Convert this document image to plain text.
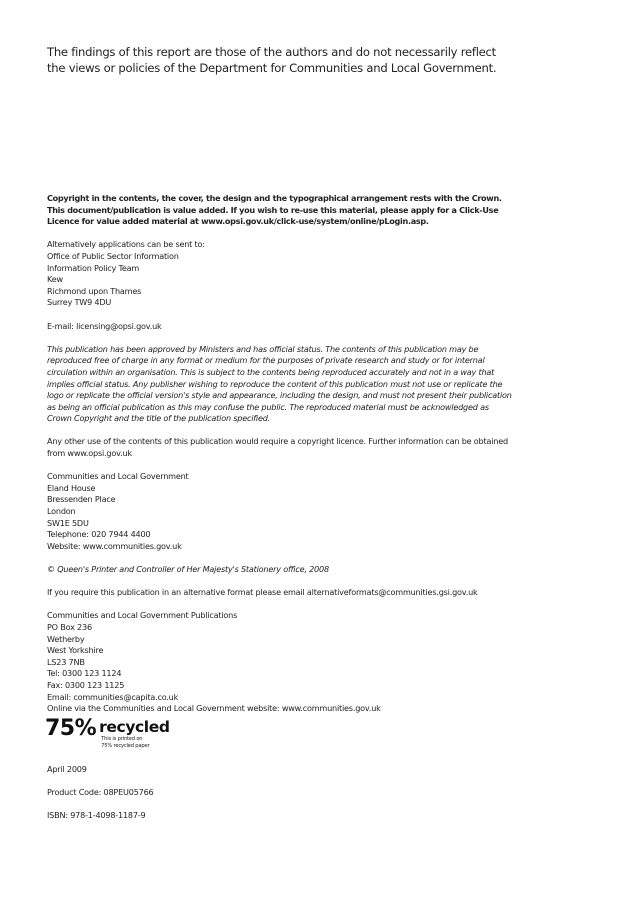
The findings of this report are those of the authors and do not necessarily reflect
the views or policies of the Department for Communities and Local Government.
Copyright in the contents, the cover, the design and the typographical arrangement rests with the Crown.
This document/publication is value added. If you wish to re-use this material, please apply for a Click-Use
Licence for value added material at www.opsi.gov.uk/click-use/system/online/pLogin.asp.
Alternatively applications can be sent to:
Office of Public Sector Information
Information Policy Team
Kew
Richmond upon Thames
Surrey TW9 4DU
E-mail: licensing@opsi.gov.uk
This publication has been approved by Ministers and has official status. The contents of this publication may be
reproduced free of charge in any format or medium for the purposes of private research and study or for internal
circulation within an organisation. This is subject to the contents being reproduced accurately and not in a way that
implies official status. Any publisher wishing to reproduce the content of this publication must not use or replicate the
logo or replicate the official version's style and appearance, including the design, and must not present their publication
as being an official publication as this may confuse the public. The reproduced material must be acknowledged as
Crown Copyright and the title of the publication specified.
Any other use of the contents of this publication would require a copyright licence. Further information can be obtained
from www.opsi.gov.uk
Communities and Local Government
Eland House
Bressenden Place
London
SW1E 5DU
Telephone: 020 7944 4400
Website: www.communities.gov.uk
© Queen's Printer and Controller of Her Majesty's Stationery office, 2008
If you require this publication in an alternative format please email alternativeformats@communities.gsi.gov.uk
Communities and Local Government Publications
PO Box 236
Wetherby
West Yorkshire
LS23 7NB
Tel: 0300 123 1124
Fax: 0300 123 1125
Email: communities@capita.co.uk
Online via the Communities and Local Government website: www.communities.gov.uk
75% recycled
This is printed on
75% recycled paper
April 2009
Product Code: 08PEU05766
ISBN: 978-1-4098-1187-9
